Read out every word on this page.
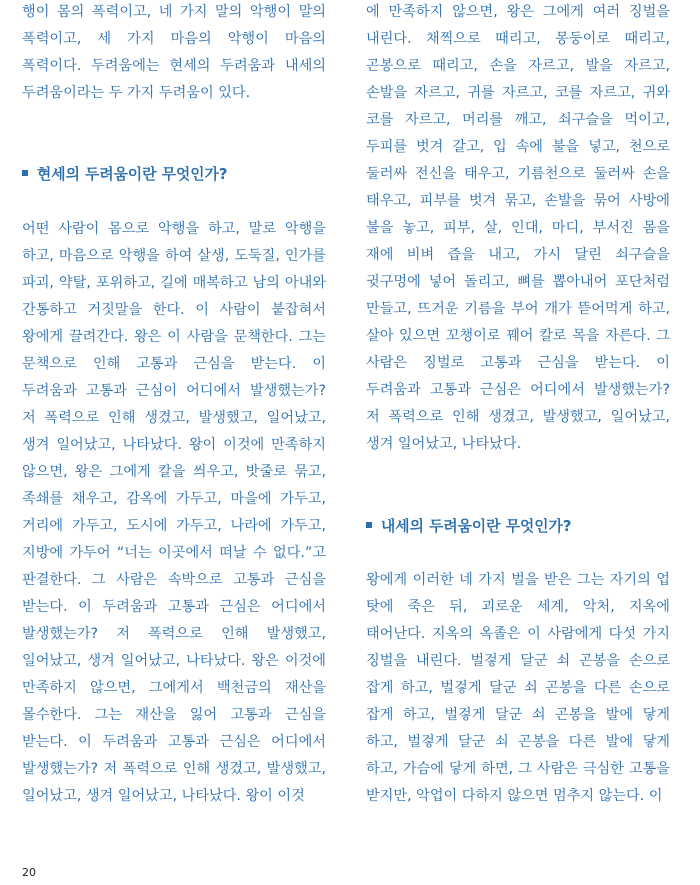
행이 몸의 폭력이고, 네 가지 말의 악행이 말의 폭력이고, 세 가지 마음의 악행이 마음의 폭력이다. 두려움에는 현세의 두려움과 내세의 두려움이라는 두 가지 두려움이 있다.

현세의 두려움이란 무엇인가?

어떤 사람이 몸으로 악행을 하고, 말로 악행을 하고, 마음으로 악행을 하여 살생, 도둑질, 인가를 파괴, 약탈, 포위하고, 길에 매복하고 남의 아내와 간통하고 거짓말을 한다. 이 사람이 붙잡혀서 왕에게 끌려간다. 왕은 이 사람을 문책한다. 그는 문책으로 인해 고통과 근심을 받는다. 이 두려움과 고통과 근심이 어디에서 발생했는가? 저 폭력으로 인해 생겼고, 발생했고, 일어났고, 생겨 일어났고, 나타났다. 왕이 이것에 만족하지 않으면, 왕은 그에게 칼을 씌우고, 밧줄로 묶고, 족쇄를 채우고, 감옥에 가두고, 마을에 가두고, 거리에 가두고, 도시에 가두고, 나라에 가두고, 지방에 가두어 “너는 이곳에서 떠날 수 없다.”고 판결한다. 그 사람은 속박으로 고통과 근심을 받는다. 이 두려움과 고통과 근심은 어디에서 발생했는가? 저 폭력으로 인해 발생했고, 일어났고, 생겨 일어났고, 나타났다. 왕은 이것에 만족하지 않으면, 그에게서 백천금의 재산을 몰수한다. 그는 재산을 잃어 고통과 근심을 받는다. 이 두려움과 고통과 근심은 어디에서 발생했는가? 저 폭력으로 인해 생겼고, 발생했고, 일어났고, 생겨 일어났고, 나타났다. 왕이 이것

에 만족하지 않으면, 왕은 그에게 여러 징벌을 내린다. 채찍으로 때리고, 몽둥이로 때리고, 곤봉으로 때리고, 손을 자르고, 발을 자르고, 손발을 자르고, 귀를 자르고, 코를 자르고, 귀와 코를 자르고, 머리를 깨고, 쇠구슬을 먹이고, 두피를 벗겨 갈고, 입 속에 불을 넣고, 천으로 둘러싸 전신을 태우고, 기름천으로 둘러싸 손을 태우고, 피부를 벗겨 묶고, 손발을 묶어 사방에 불을 놓고, 피부, 살, 인대, 마디, 부서진 몸을 재에 비벼 즙을 내고, 가시 달린 쇠구슬을 귓구멍에 넣어 돌리고, 뼈를 뽑아내어 포단처럼 만들고, 뜨거운 기름을 부어 개가 뜯어먹게 하고, 살아 있으면 꼬챙이로 꿰어 칼로 목을 자른다. 그 사람은 징벌로 고통과 근심을 받는다. 이 두려움과 고통과 근심은 어디에서 발생했는가? 저 폭력으로 인해 생겼고, 발생했고, 일어났고, 생겨 일어났고, 나타났다.

내세의 두려움이란 무엇인가?

왕에게 이러한 네 가지 벌을 받은 그는 자기의 업 탓에 죽은 뒤, 괴로운 세계, 악처, 지옥에 태어난다. 지옥의 옥졸은 이 사람에게 다섯 가지 징벌을 내린다. 벌겋게 달군 쇠 곤봉을 손으로 잡게 하고, 벌겋게 달군 쇠 곤봉을 다른 손으로 잡게 하고, 벌겋게 달군 쇠 곤봉을 발에 닿게 하고, 벌겋게 달군 쇠 곤봉을 다른 발에 닿게 하고, 가슴에 닿게 하면, 그 사람은 극심한 고통을 받지만, 악업이 다하지 않으면 멈추지 않는다. 이

20
